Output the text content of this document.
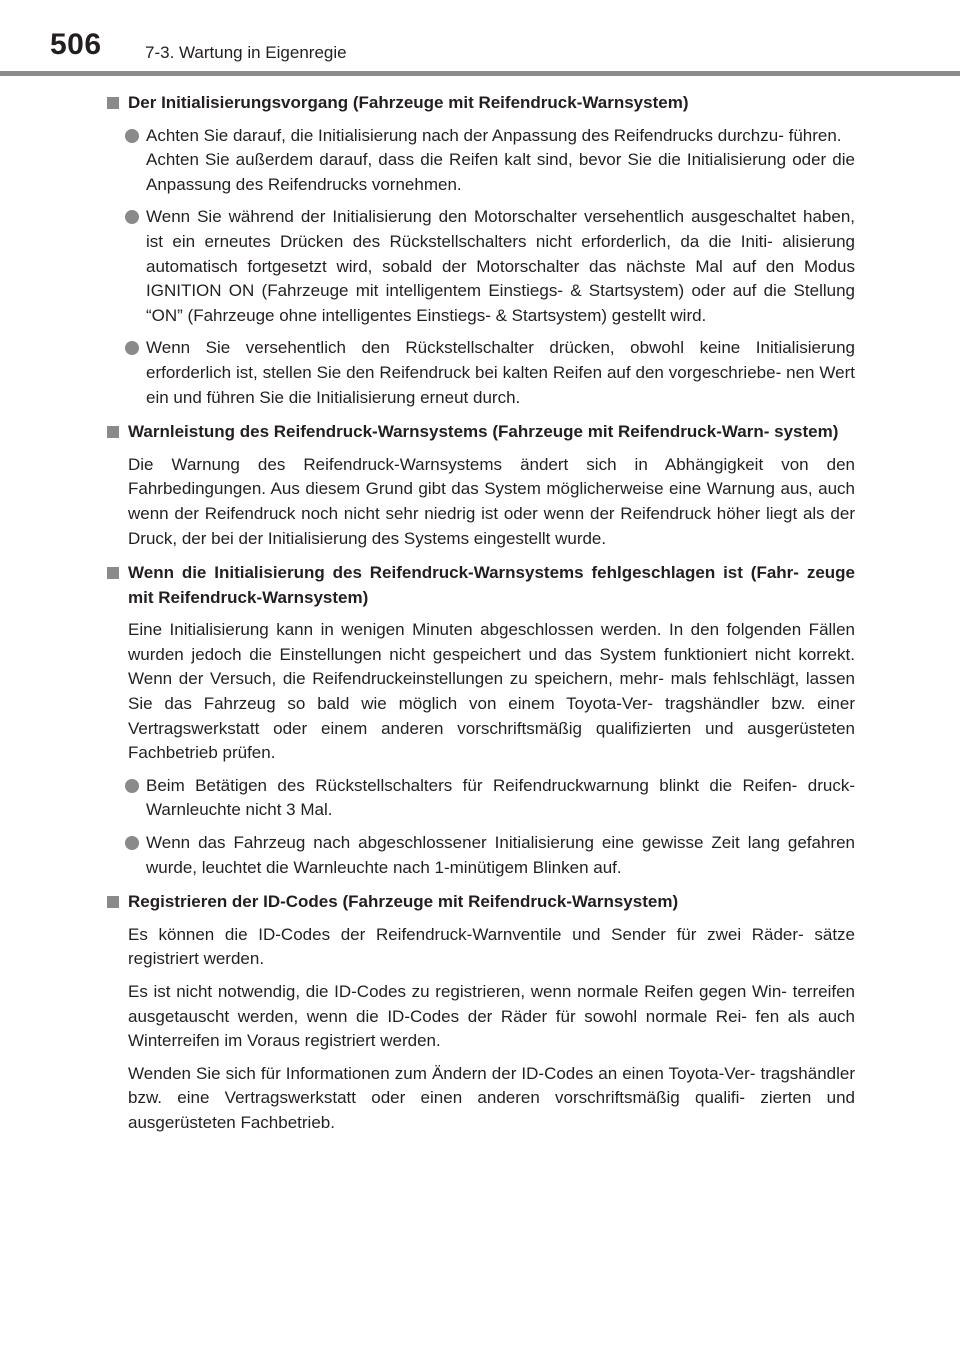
506	7-3. Wartung in Eigenregie
Der Initialisierungsvorgang (Fahrzeuge mit Reifendruck-Warnsystem)

Achten Sie darauf, die Initialisierung nach der Anpassung des Reifendrucks durchzu- führen.

Achten Sie außerdem darauf, dass die Reifen kalt sind, bevor Sie die Initialisierung oder die Anpassung des Reifendrucks vornehmen.

Wenn Sie während der Initialisierung den Motorschalter versehentlich ausgeschaltet haben, ist ein erneutes Drücken des Rückstellschalters nicht erforderlich, da die Initi- alisierung automatisch fortgesetzt wird, sobald der Motorschalter das nächste Mal auf den Modus IGNITION ON (Fahrzeuge mit intelligentem Einstiegs- & Startsystem) oder auf die Stellung “ON” (Fahrzeuge ohne intelligentes Einstiegs- & Startsystem) gestellt wird.

Wenn Sie versehentlich den Rückstellschalter drücken, obwohl keine Initialisierung erforderlich ist, stellen Sie den Reifendruck bei kalten Reifen auf den vorgeschriebe- nen Wert ein und führen Sie die Initialisierung erneut durch.

Warnleistung des Reifendruck-Warnsystems (Fahrzeuge mit Reifendruck-Warn- system)

Die Warnung des Reifendruck-Warnsystems ändert sich in Abhängigkeit von den Fahrbedingungen. Aus diesem Grund gibt das System möglicherweise eine Warnung aus, auch wenn der Reifendruck noch nicht sehr niedrig ist oder wenn der Reifendruck höher liegt als der Druck, der bei der Initialisierung des Systems eingestellt wurde.

Wenn die Initialisierung des Reifendruck-Warnsystems fehlgeschlagen ist (Fahr- zeuge mit Reifendruck-Warnsystem)

Eine Initialisierung kann in wenigen Minuten abgeschlossen werden. In den folgenden Fällen wurden jedoch die Einstellungen nicht gespeichert und das System funktioniert nicht korrekt. Wenn der Versuch, die Reifendruckeinstellungen zu speichern, mehr- mals fehlschlägt, lassen Sie das Fahrzeug so bald wie möglich von einem Toyota-Ver- tragshändler bzw. einer Vertragswerkstatt oder einem anderen vorschriftsmäßig qualifizierten und ausgerüsteten Fachbetrieb prüfen.

Beim Betätigen des Rückstellschalters für Reifendruckwarnung blinkt die Reifen- druck-Warnleuchte nicht 3 Mal.

Wenn das Fahrzeug nach abgeschlossener Initialisierung eine gewisse Zeit lang gefahren wurde, leuchtet die Warnleuchte nach 1-minütigem Blinken auf.

Registrieren der ID-Codes (Fahrzeuge mit Reifendruck-Warnsystem)

Es können die ID-Codes der Reifendruck-Warnventile und Sender für zwei Räder- sätze registriert werden.

Es ist nicht notwendig, die ID-Codes zu registrieren, wenn normale Reifen gegen Win- terreifen ausgetauscht werden, wenn die ID-Codes der Räder für sowohl normale Rei- fen als auch Winterreifen im Voraus registriert werden.

Wenden Sie sich für Informationen zum Ändern der ID-Codes an einen Toyota-Ver- tragshändler bzw. eine Vertragswerkstatt oder einen anderen vorschriftsmäßig qualifi- zierten und ausgerüsteten Fachbetrieb.
